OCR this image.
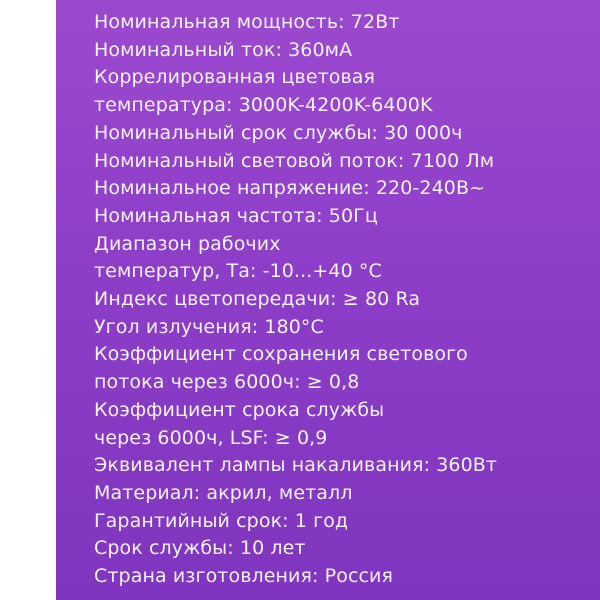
Номинальная мощность: 72Вт
Номинальный ток: 360мА
Коррелированная цветовая
температура: 3000K-4200K-6400K
Номинальный срок службы: 30 000ч
Номинальный световой поток: 7100 Лм
Номинальное напряжение: 220-240В~
Номинальная частота: 50Гц
Диапазон рабочих
температур, Та: -10...+40 °С
Индекс цветопередачи: ≥ 80 Ra
Угол излучения: 180°С
Коэффициент сохранения светового
потока через 6000ч: ≥ 0,8
Коэффициент срока службы
через 6000ч, LSF: ≥ 0,9
Эквивалент лампы накаливания: 360Вт
Материал: акрил, металл
Гарантийный срок: 1 год
Срок службы: 10 лет
Страна изготовления: Россия
